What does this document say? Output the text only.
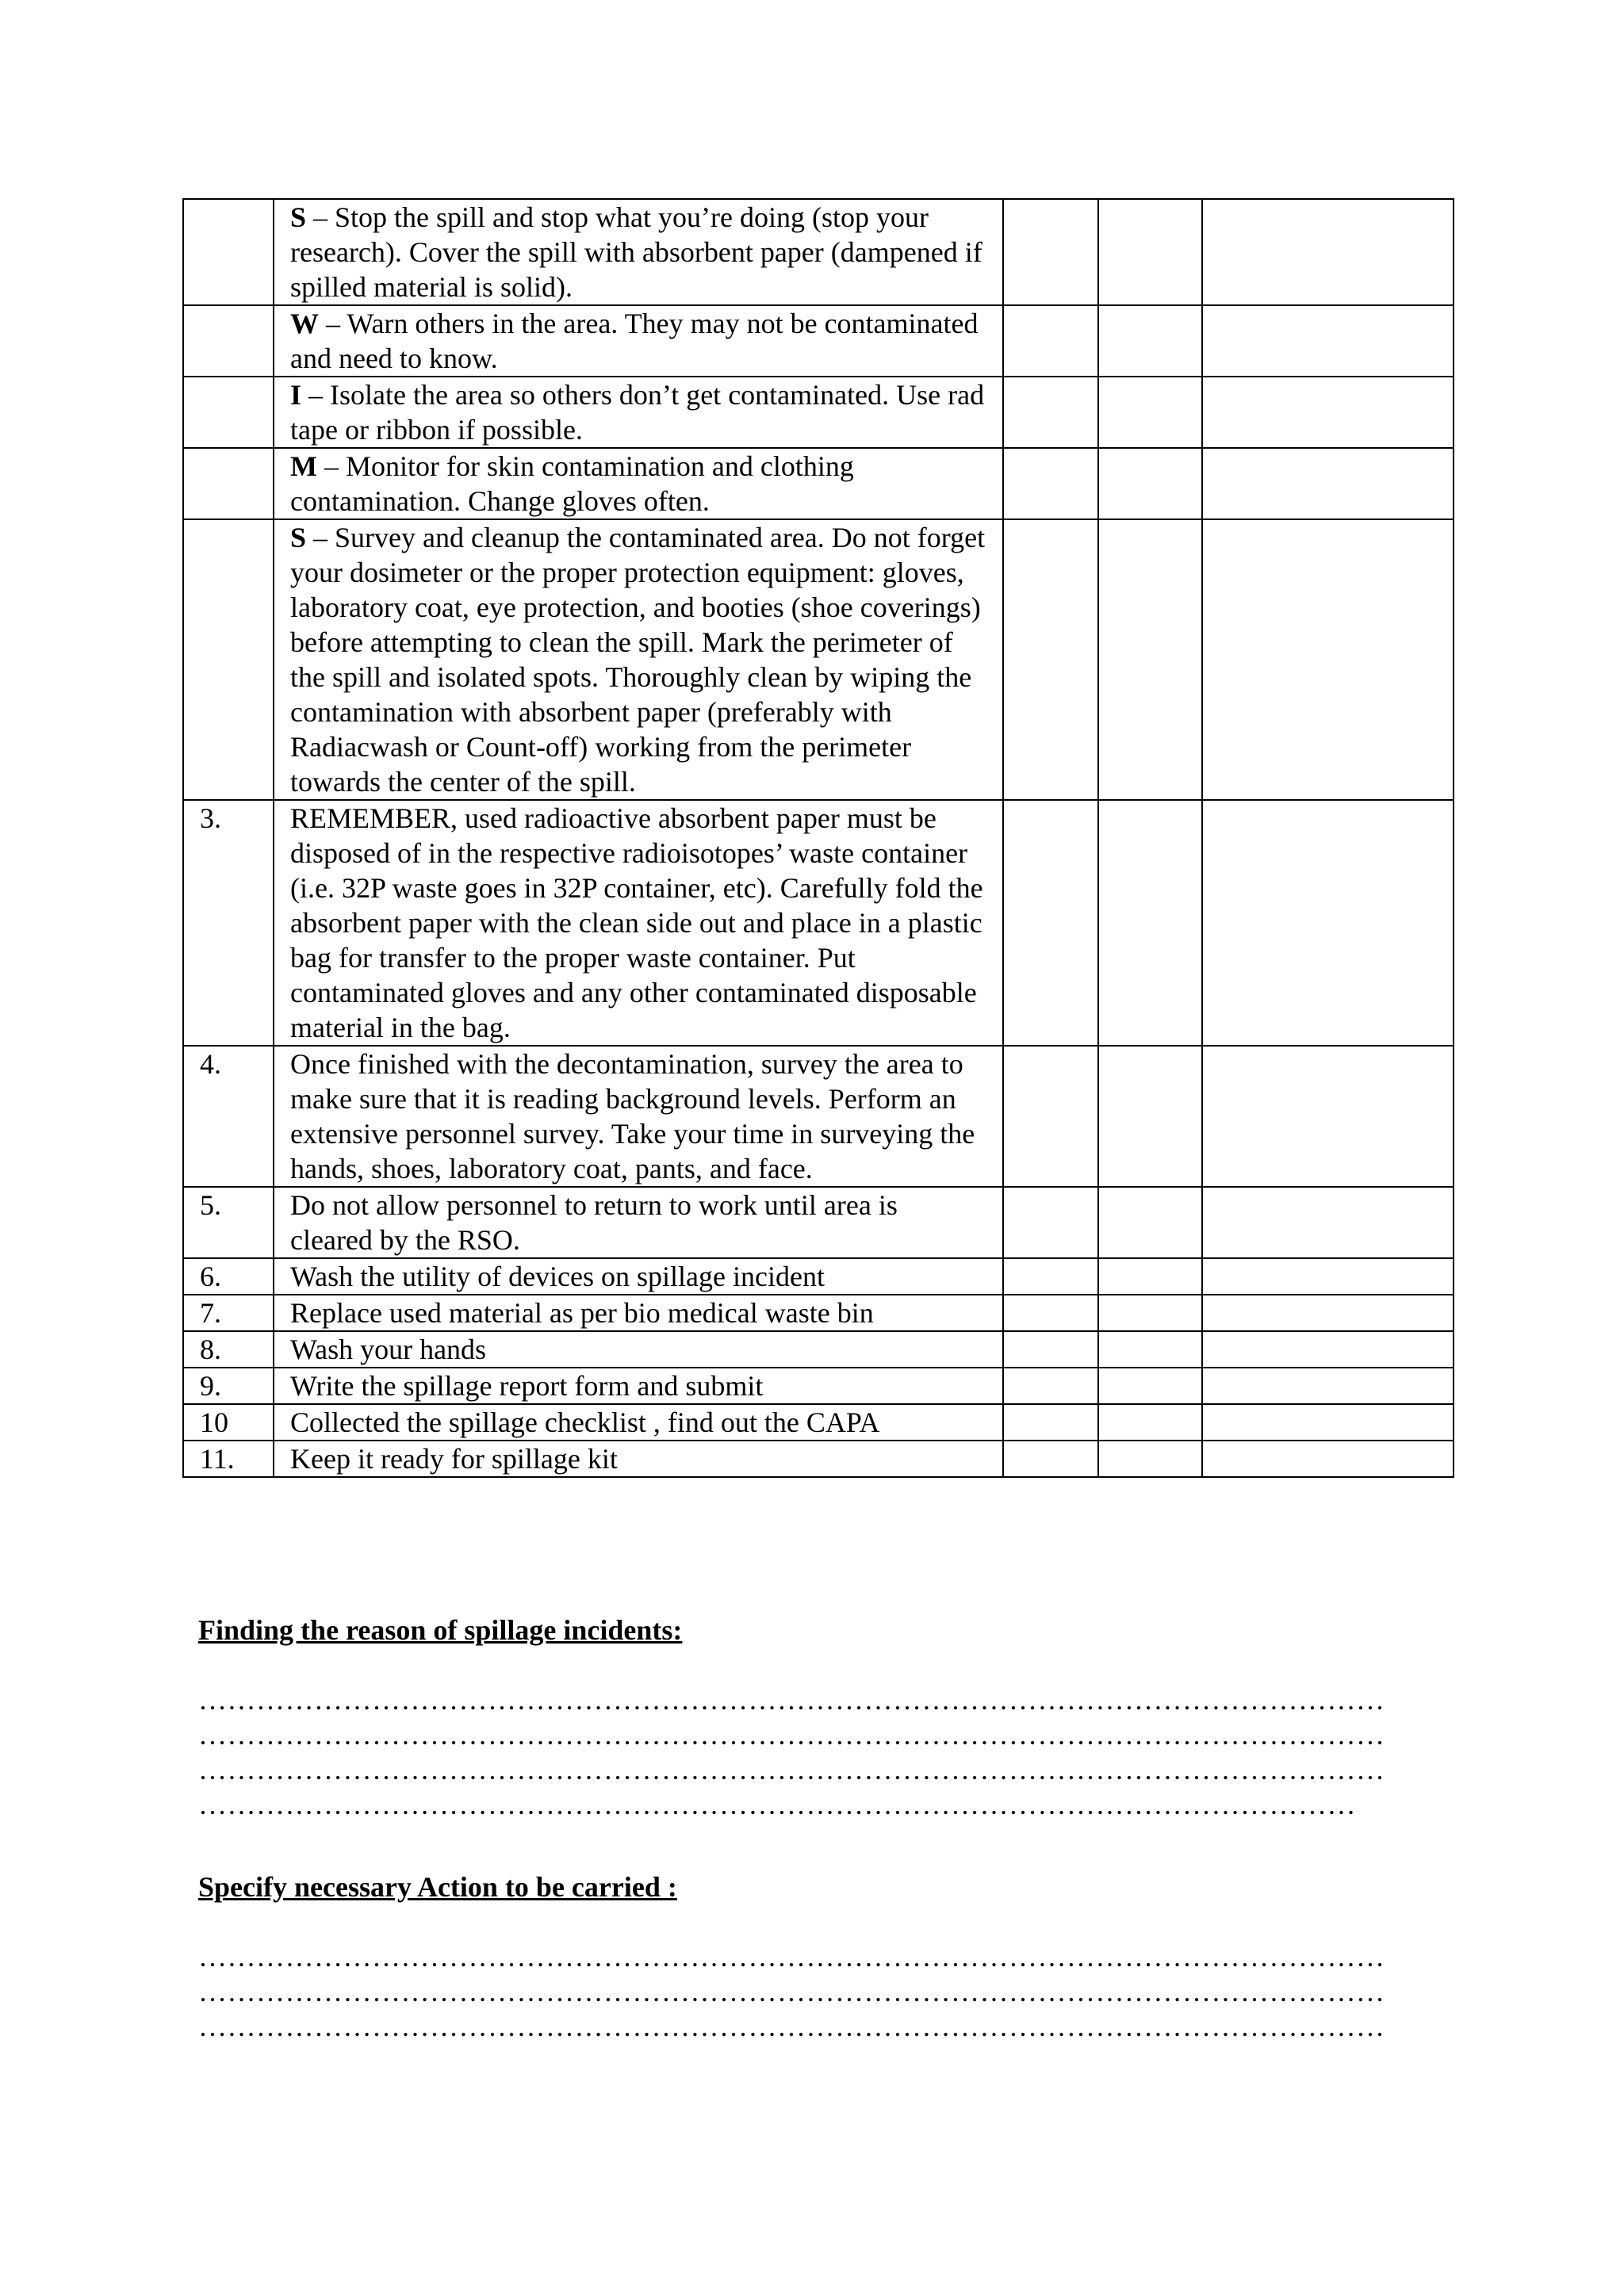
	S – Stop the spill and stop what you’re doing (stop your research). Cover the spill with absorbent paper (dampened if spilled material is solid).			
	W – Warn others in the area. They may not be contaminated and need to know.			
	I – Isolate the area so others don’t get contaminated. Use rad tape or ribbon if possible.			
	M – Monitor for skin contamination and clothing contamination. Change gloves often.			
	S – Survey and cleanup the contaminated area. Do not forget your dosimeter or the proper protection equipment: gloves, laboratory coat, eye protection, and booties (shoe coverings) before attempting to clean the spill. Mark the perimeter of the spill and isolated spots. Thoroughly clean by wiping the contamination with absorbent paper (preferably with Radiacwash or Count-off) working from the perimeter towards the center of the spill.			
3.	REMEMBER, used radioactive absorbent paper must be disposed of in the respective radioisotopes’ waste container (i.e. 32P waste goes in 32P container, etc). Carefully fold the absorbent paper with the clean side out and place in a plastic bag for transfer to the proper waste container. Put contaminated gloves and any other contaminated disposable material in the bag.			
4.	Once finished with the decontamination, survey the area to make sure that it is reading background levels. Perform an extensive personnel survey. Take your time in surveying the hands, shoes, laboratory coat, pants, and face.			
5.	Do not allow personnel to return to work until area is cleared by the RSO.			
6.	Wash the utility of devices on spillage incident			
7.	Replace used material as per bio medical waste bin			
8.	Wash your hands			
9.	Write the spillage report form and submit			
10	Collected the spillage checklist , find out the CAPA			
11.	Keep it ready for spillage kit			

Finding the reason of spillage incidents:

……………………………………………………………………………………………………………

……………………………………………………………………………………………………………

……………………………………………………………………………………………………………

…………………………………………………………………………………………………………

Specify necessary Action to be carried :

……………………………………………………………………………………………………………

……………………………………………………………………………………………………………

……………………………………………………………………………………………………………
